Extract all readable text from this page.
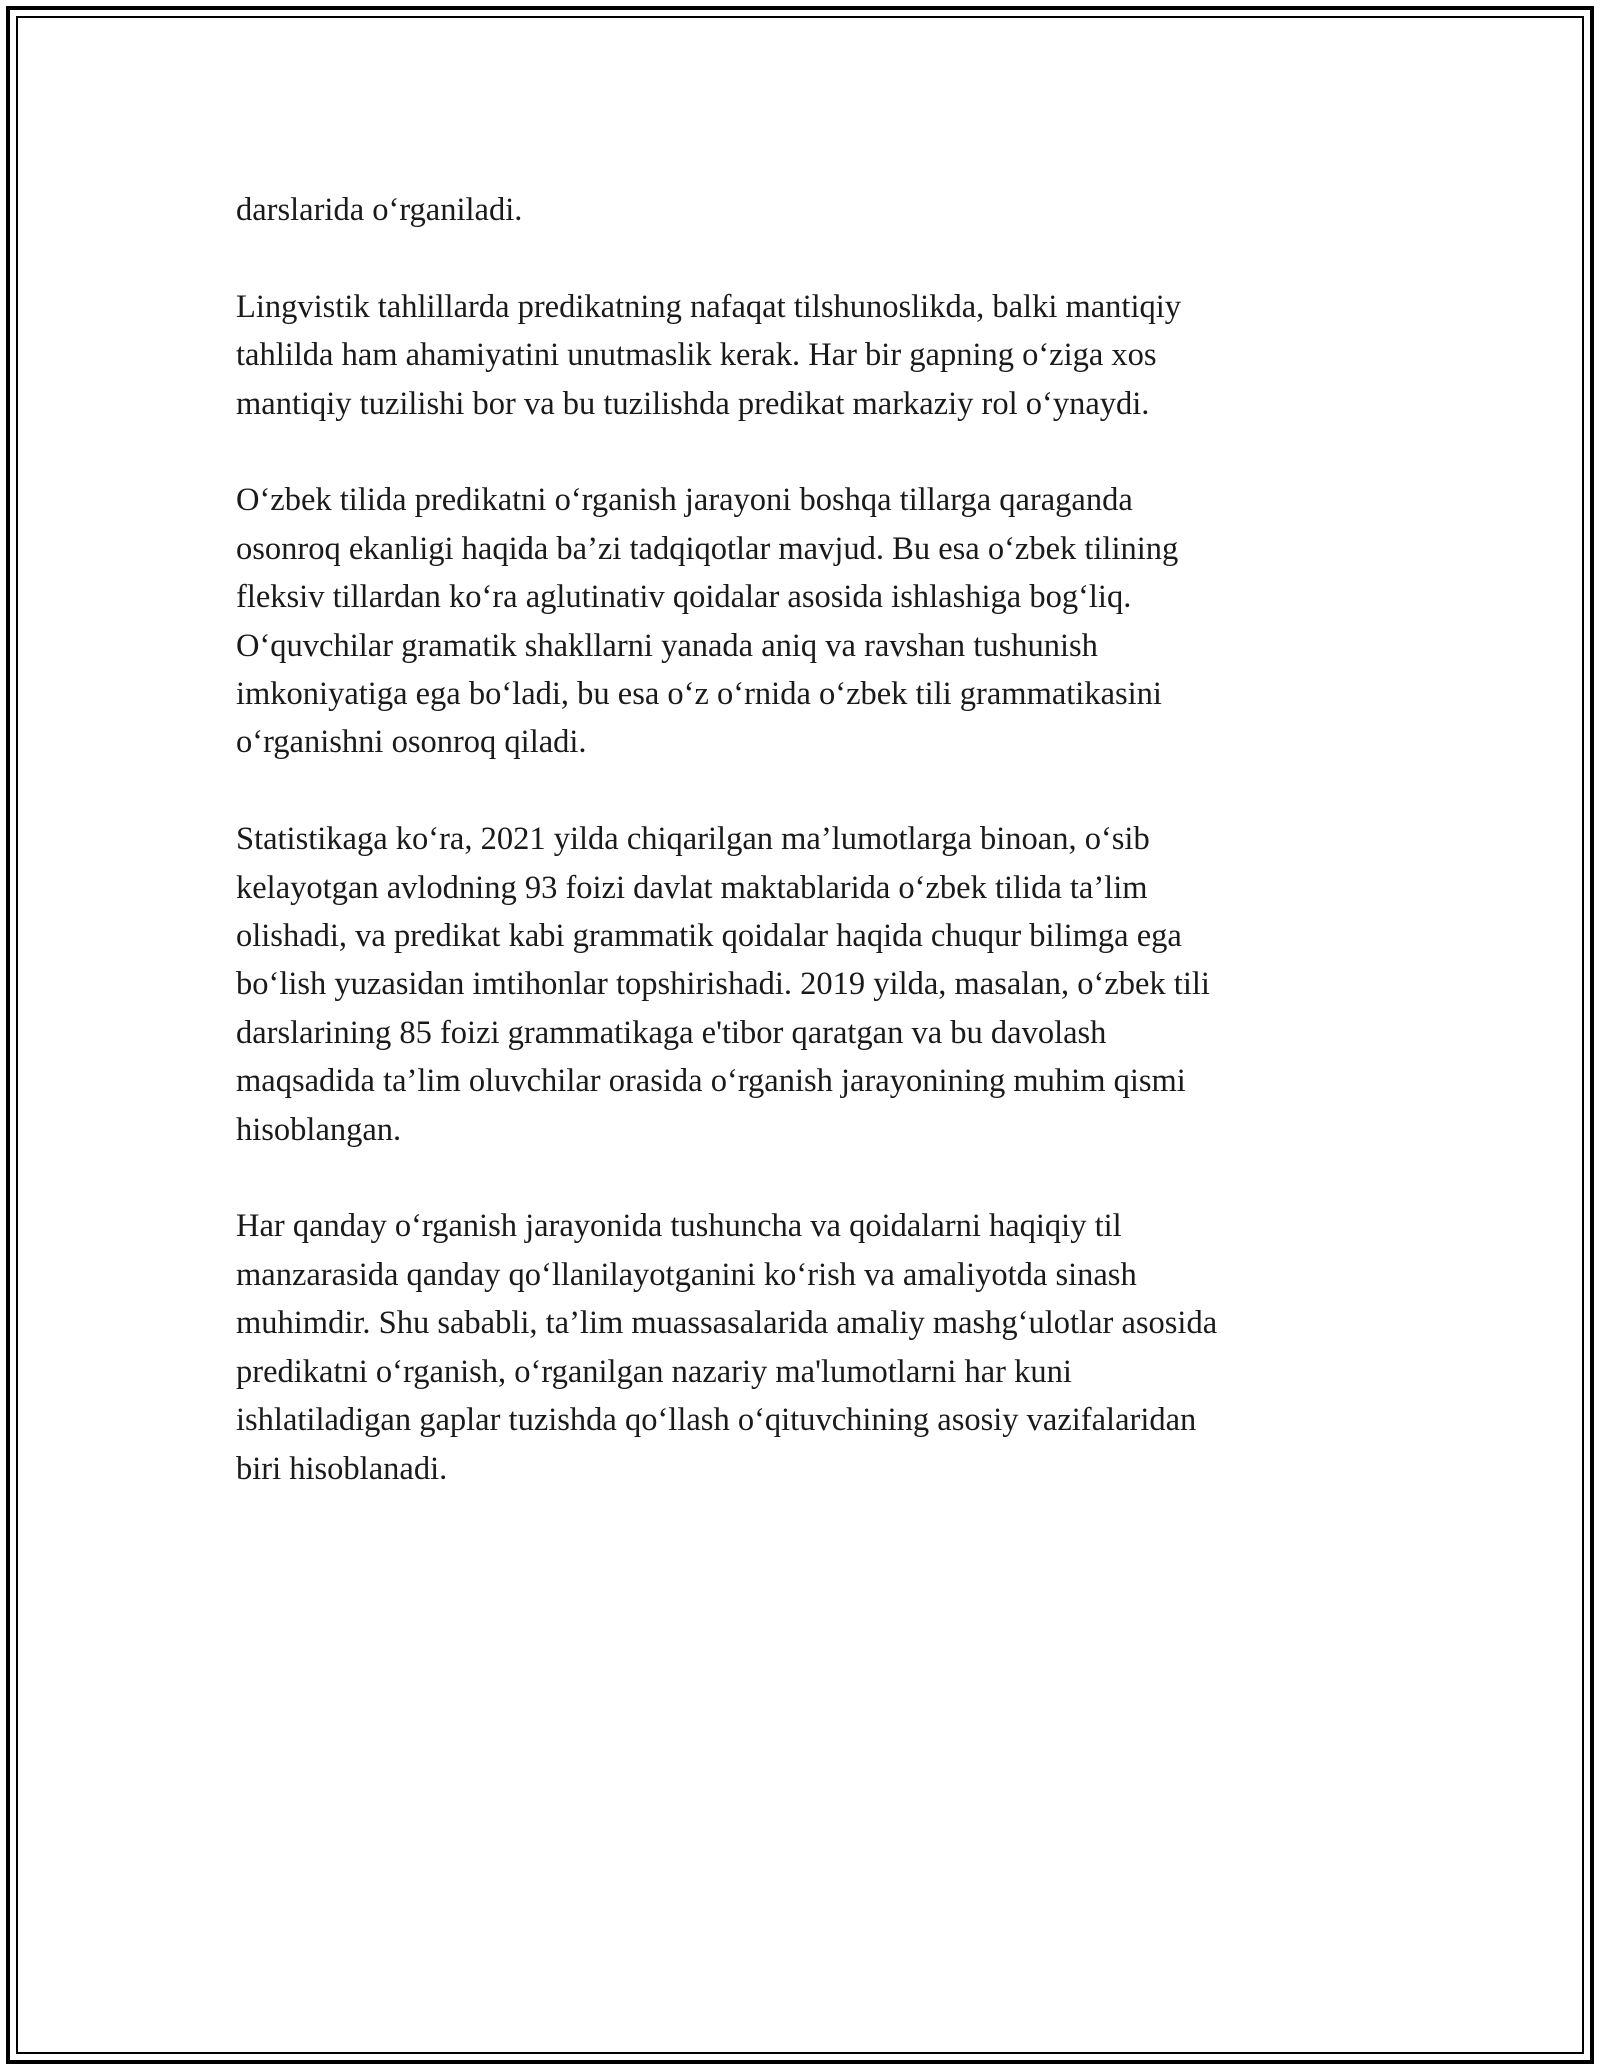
darslarida o‘rganiladi.

Lingvistik tahlillarda predikatning nafaqat tilshunoslikda, balki mantiqiy
tahlilda ham ahamiyatini unutmaslik kerak. Har bir gapning o‘ziga xos
mantiqiy tuzilishi bor va bu tuzilishda predikat markaziy rol o‘ynaydi.

O‘zbek tilida predikatni o‘rganish jarayoni boshqa tillarga qaraganda
osonroq ekanligi haqida ba’zi tadqiqotlar mavjud. Bu esa o‘zbek tilining
fleksiv tillardan ko‘ra aglutinativ qoidalar asosida ishlashiga bog‘liq.
O‘quvchilar gramatik shakllarni yanada aniq va ravshan tushunish
imkoniyatiga ega bo‘ladi, bu esa o‘z o‘rnida o‘zbek tili grammatikasini
o‘rganishni osonroq qiladi.

Statistikaga ko‘ra, 2021 yilda chiqarilgan ma’lumotlarga binoan, o‘sib
kelayotgan avlodning 93 foizi davlat maktablarida o‘zbek tilida ta’lim
olishadi, va predikat kabi grammatik qoidalar haqida chuqur bilimga ega
bo‘lish yuzasidan imtihonlar topshirishadi. 2019 yilda, masalan, o‘zbek tili
darslarining 85 foizi grammatikaga e'tibor qaratgan va bu davolash
maqsadida ta’lim oluvchilar orasida o‘rganish jarayonining muhim qismi
hisoblangan.

Har qanday o‘rganish jarayonida tushuncha va qoidalarni haqiqiy til
manzarasida qanday qo‘llanilayotganini ko‘rish va amaliyotda sinash
muhimdir. Shu sababli, ta’lim muassasalarida amaliy mashg‘ulotlar asosida
predikatni o‘rganish, o‘rganilgan nazariy ma'lumotlarni har kuni
ishlatiladigan gaplar tuzishda qo‘llash o‘qituvchining asosiy vazifalaridan
biri hisoblanadi.
